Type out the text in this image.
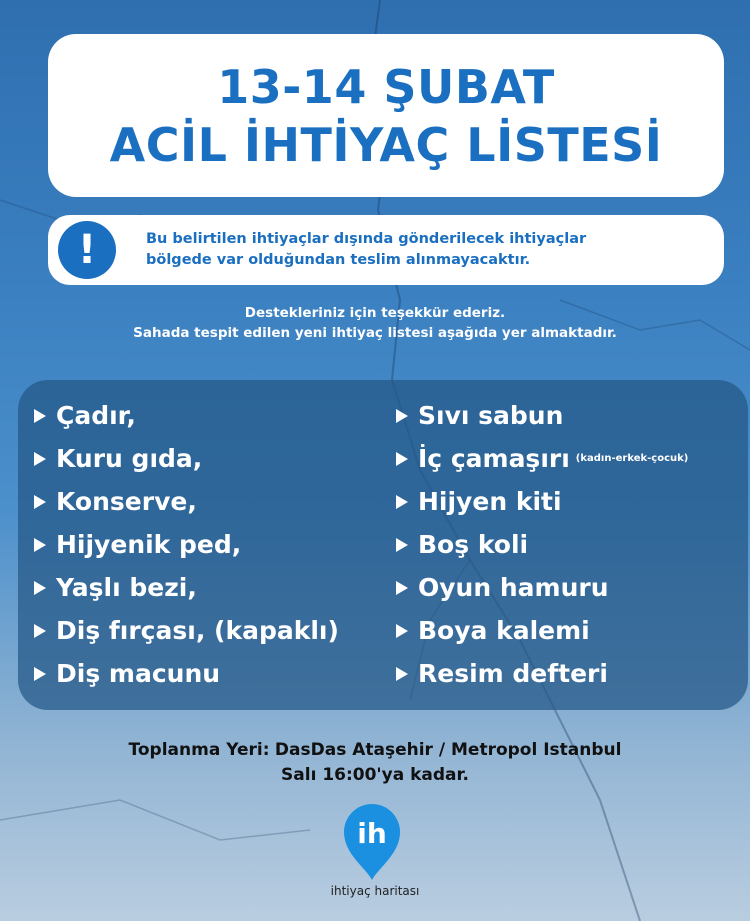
13-14 ŞUBAT
ACİL İHTİYAÇ LİSTESİ
!	Bu belirtilen ihtiyaçlar dışında gönderilecek ihtiyaçlar
bölgede var olduğundan teslim alınmayacaktır.
Destekleriniz için teşekkür ederiz.
Sahada tespit edilen yeni ihtiyaç listesi aşağıda yer almaktadır.
Çadır,
Kuru gıda,
Konserve,
Hijyenik ped,
Yaşlı bezi,
Diş fırçası, (kapaklı)
Diş macunu
Sıvı sabun
İç çamaşırı (kadın-erkek-çocuk)
Hijyen kiti
Boş koli
Oyun hamuru
Boya kalemi
Resim defteri
Toplanma Yeri: DasDas Ataşehir / Metropol Istanbul
Salı 16:00'ya kadar.
ih
ihtiyaç haritası
